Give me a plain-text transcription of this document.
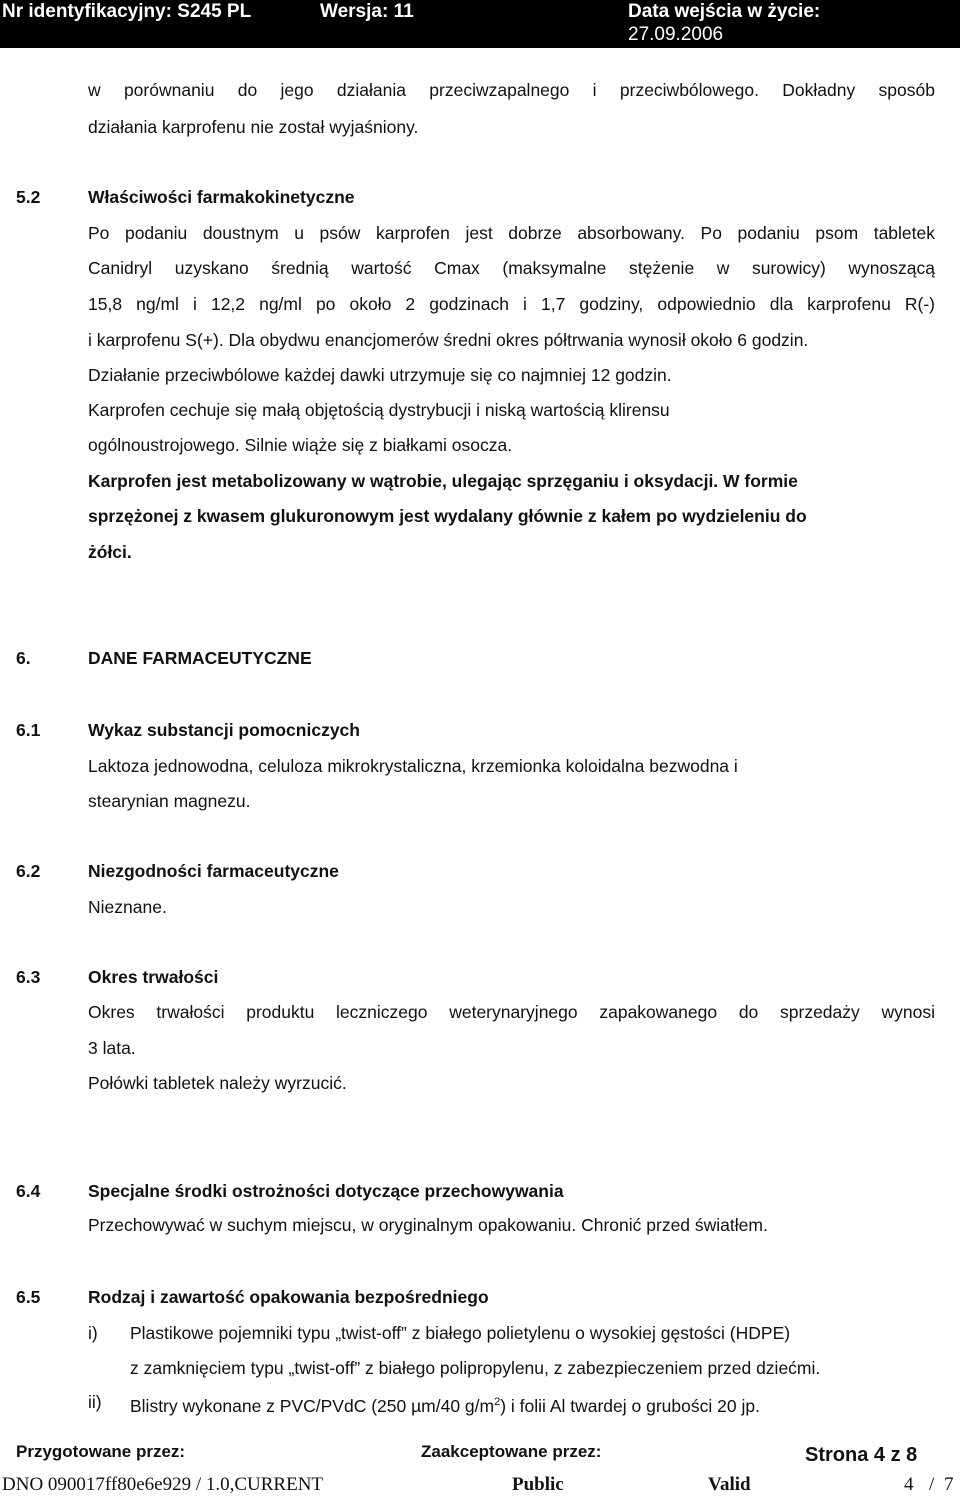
Nr identyfikacyjny: S245 PL	Wersja: 11	Data wejścia w życie:
27.09.2006
w porównaniu do jego działania przeciwzapalnego i przeciwbólowego. Dokładny sposób
działania karprofenu nie został wyjaśniony.
5.2	Właściwości farmakokinetyczne
Po podaniu doustnym u psów karprofen jest dobrze absorbowany. Po podaniu psom tabletek
Canidryl uzyskano średnią wartość Cmax (maksymalne stężenie w surowicy) wynoszącą
15,8 ng/ml i 12,2 ng/ml po około 2 godzinach i 1,7 godziny, odpowiednio dla karprofenu R(-)
i karprofenu S(+). Dla obydwu enancjomerów średni okres półtrwania wynosił około 6 godzin.
Działanie przeciwbólowe każdej dawki utrzymuje się co najmniej 12 godzin.
Karprofen cechuje się małą objętością dystrybucji i niską wartością klirensu
ogólnoustrojowego. Silnie wiąże się z białkami osocza.
Karprofen jest metabolizowany w wątrobie, ulegając sprzęganiu i oksydacji. W formie
sprzężonej z kwasem glukuronowym jest wydalany głównie z kałem po wydzieleniu do
żółci.
6.	DANE FARMACEUTYCZNE
6.1	Wykaz substancji pomocniczych
Laktoza jednowodna, celuloza mikrokrystaliczna, krzemionka koloidalna bezwodna i
stearynian magnezu.
6.2	Niezgodności farmaceutyczne
Nieznane.
6.3	Okres trwałości
Okres trwałości produktu leczniczego weterynaryjnego zapakowanego do sprzedaży wynosi
3 lata.
Połówki tabletek należy wyrzucić.
6.4	Specjalne środki ostrożności dotyczące przechowywania
Przechowywać w suchym miejscu, w oryginalnym opakowaniu. Chronić przed światłem.
6.5	Rodzaj i zawartość opakowania bezpośredniego
i) Plastikowe pojemniki typu „twist-off” z białego polietylenu o wysokiej gęstości (HDPE)
z zamknięciem typu „twist-off” z białego polipropylenu, z zabezpieczeniem przed dziećmi.
ii) Blistry wykonane z PVC/PVdC (250 µm/40 $g/m^2$) i folii Al twardej o grubości 20 jp.
Przygotowane przez:	Zaakceptowane przez:	Strona 4 z 8
DNO 090017ff80e6e929 / 1.0,CURRENT	Public	Valid	4 / 7
